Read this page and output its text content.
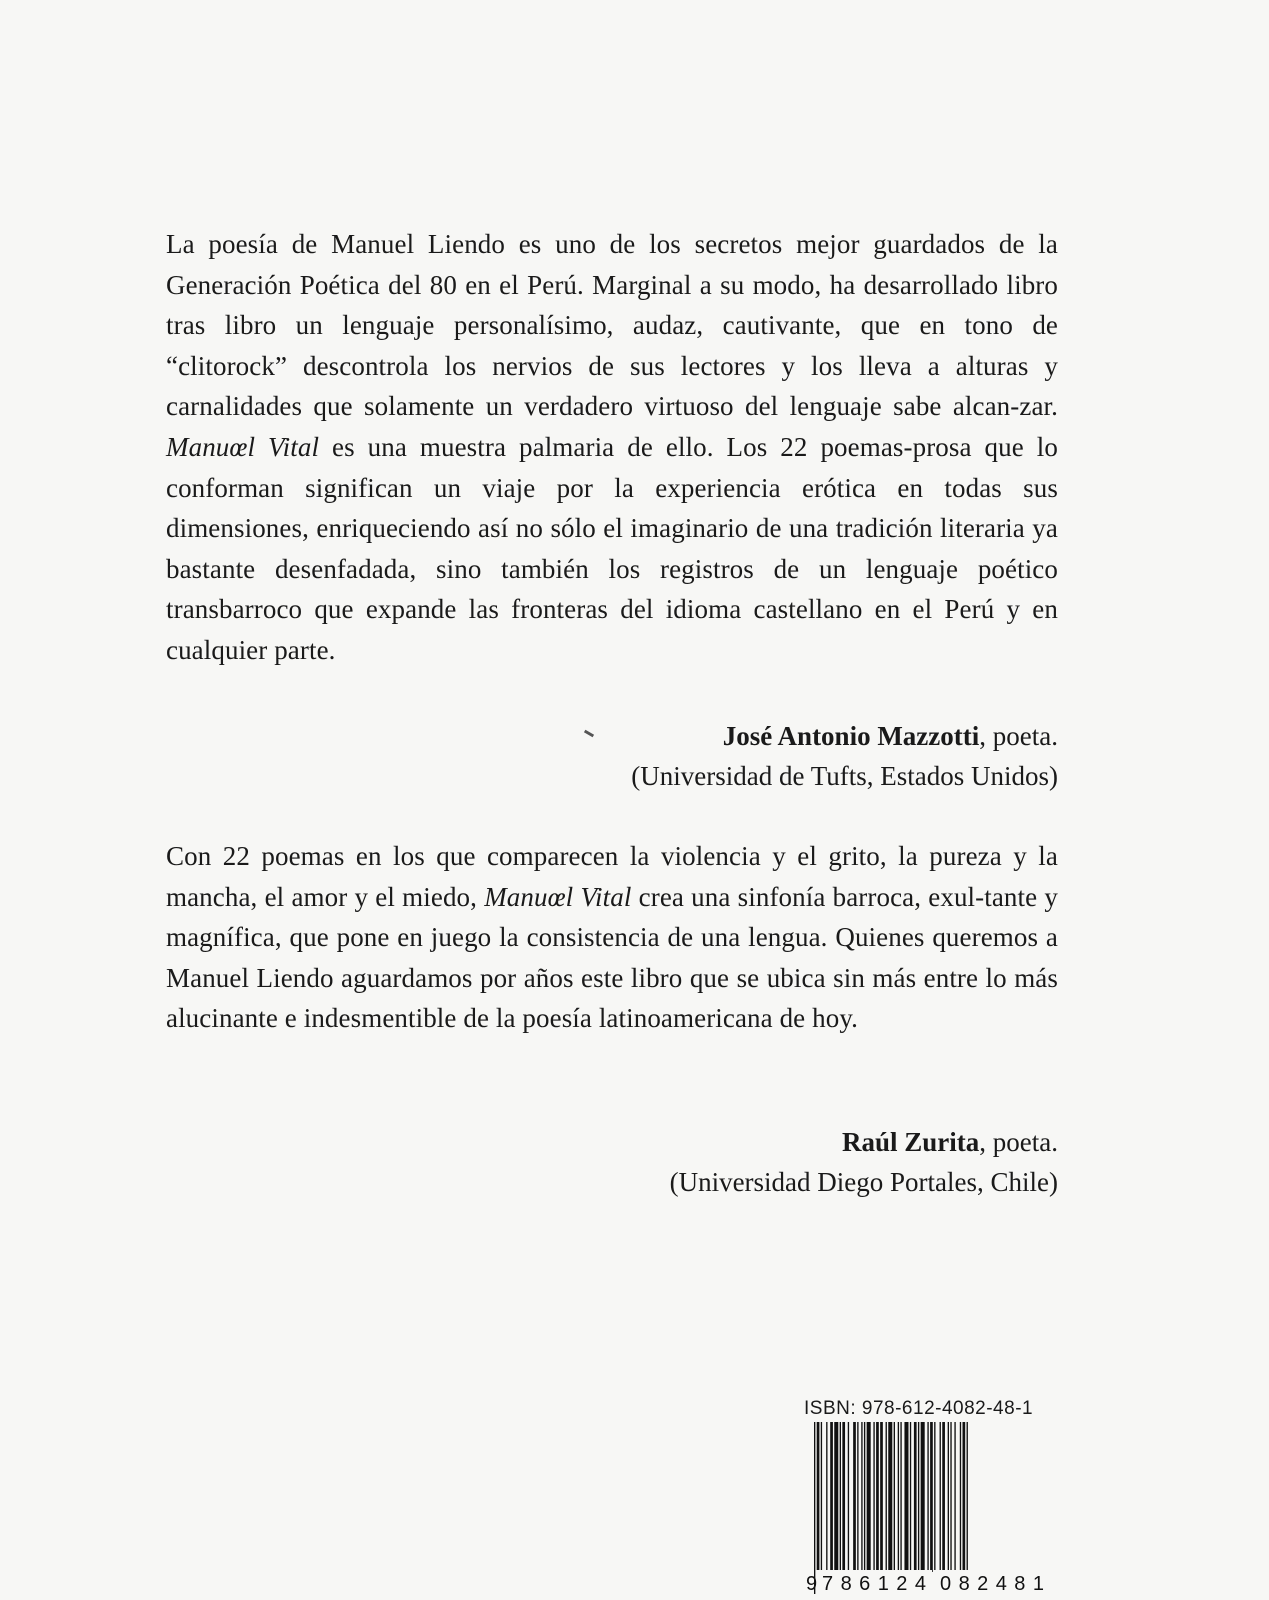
La poesía de Manuel Liendo es uno de los secretos mejor guardados de la Generación Poética del 80 en el Perú. Marginal a su modo, ha desarrollado libro tras libro un lenguaje personalísimo, audaz, cautivante, que en tono de “clitorock” descontrola los nervios de sus lectores y los lleva a alturas y carnalidades que solamente un verdadero virtuoso del lenguaje sabe alcan-zar. Manuœl Vital es una muestra palmaria de ello. Los 22 poemas-prosa que lo conforman significan un viaje por la experiencia erótica en todas sus dimensiones, enriqueciendo así no sólo el imaginario de una tradición literaria ya bastante desenfadada, sino también los registros de un lenguaje poético transbarroco que expande las fronteras del idioma castellano en el Perú y en cualquier parte.
José Antonio Mazzotti, poeta.
(Universidad de Tufts, Estados Unidos)
Con 22 poemas en los que comparecen la violencia y el grito, la pureza y la mancha, el amor y el miedo, Manuœl Vital crea una sinfonía barroca, exul-tante y magnífica, que pone en juego la consistencia de una lengua. Quienes queremos a Manuel Liendo aguardamos por años este libro que se ubica sin más entre lo más alucinante e indesmentible de la poesía latinoamericana de hoy.
Raúl Zurita, poeta.
(Universidad Diego Portales, Chile)
ISBN: 978-612-4082-48-1
9 786124 082481
